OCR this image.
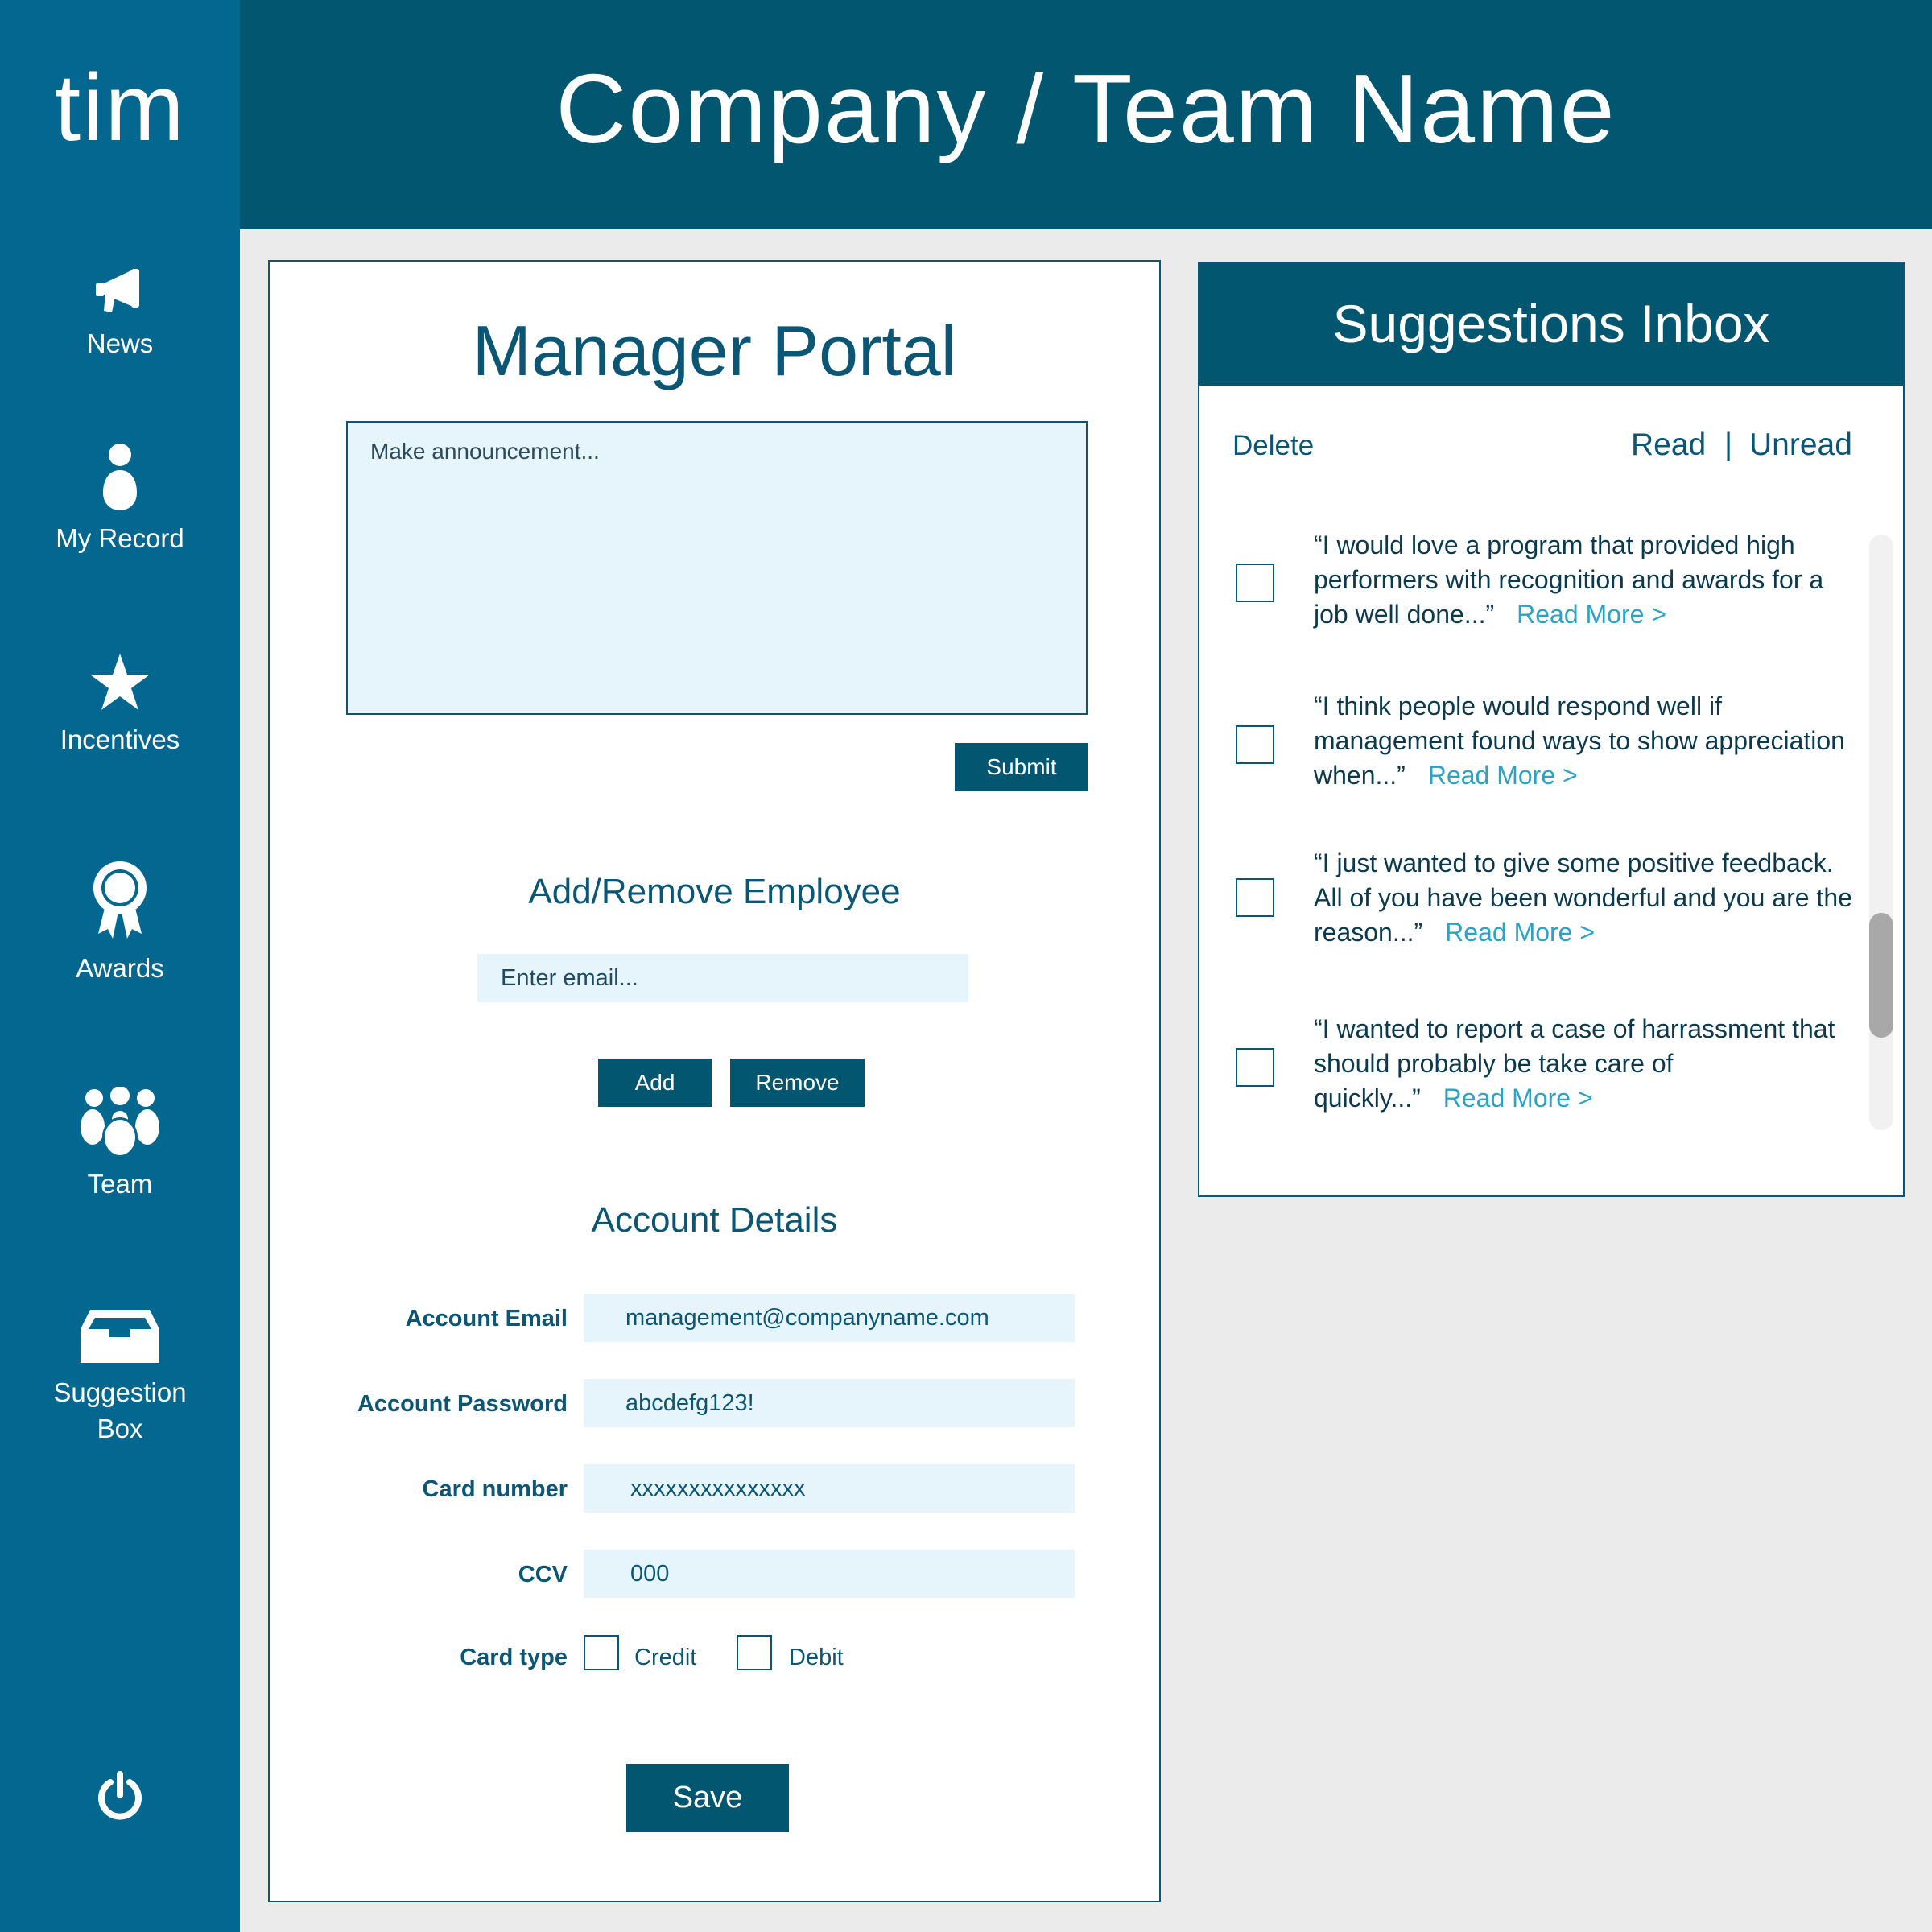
tim
News
My Record
Incentives
Awards
Team
Suggestion
Box
Company / Team Name
Manager Portal
Make announcement...
Submit
Add/Remove Employee
Enter email...
Add	Remove
Account Details
Account Email	management@companyname.com
Account Password	abcdefg123!
Card number	xxxxxxxxxxxxxxx
CCV	000
Card type	Credit	Debit
Save
Suggestions Inbox
Delete	Read | Unread
“I would love a program that provided high performers with recognition and awards for a job well done...” Read More >
“I think people would respond well if management found ways to show appreciation when...” Read More >
“I just wanted to give some positive feedback. All of you have been wonderful and you are the reason...” Read More >
“I wanted to report a case of harrassment that should probably be take care of quickly...” Read More >
